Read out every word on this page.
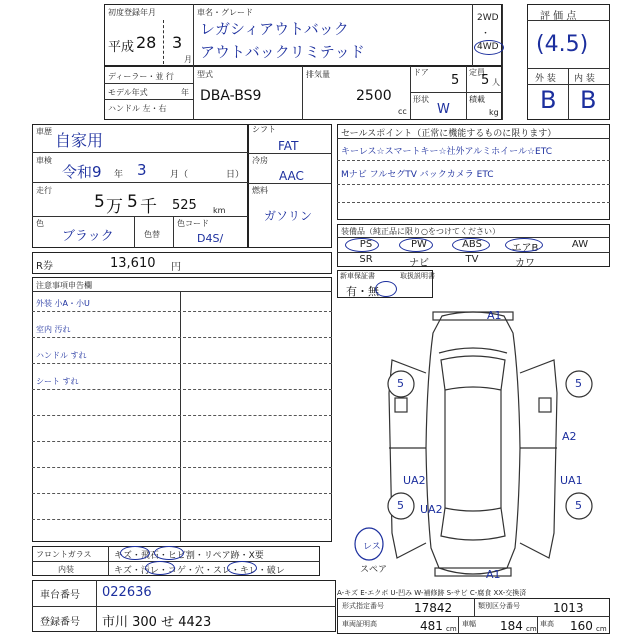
初度登録年月
平成 28 3
月
車名・グレード
レガシィアウトバック
アウトバックリミテッド
2WD
・
4WD
評 価 点
(4.5)
外 装 内 装
B B
ディーラー・並 行
モデル年式	年
ハンドル 左・右
型式
DBA-BS9
排気量
2500
cc
ドア
5
形状
W
定員
5 人
積載
kg
車歴 自家用
車検
令和9 年 3	月（	日）
走行
5 万 5 千 525 km
色
ブラック	色替
色コード
D4S/
シフト
FAT
冷房
AAC
燃料
ガソリン
R券	13,610 円
セールスポイント（正常に機能するものに限ります）
キーレス☆スマートキー☆社外アルミホイール☆ETC
Mナビ フルセグTV バックカメラ ETC
装備品（純正品に限り○をつけてください）
PS	PW	ABS	エアB	AW
SR	ナビ	TV	カワ
新車保証書	取扱説明書
有・無
注意事項申告欄
外装 小A・小U
室内 汚れ
ハンドル すれ
シート すれ
A1
5	5
A2
UA2	UA1
5 UA2	5
A1
レス
スペア
フロントガラス キズ・飛石・ヒビ割・リペア跡・X要
内装	キズ・汚レ・コゲ・穴・スレ・キレ・破レ
車台番号 022636
登録番号 市川 300 せ 4423
A-キズ E-エクボ U-凹み W-補修跡 S-サビ C-腐食 XX-交換済
形式指定番号	17842	類別区分番号	1013
車両証明高	481 cm
車幅 184 cm
車高 160 cm
